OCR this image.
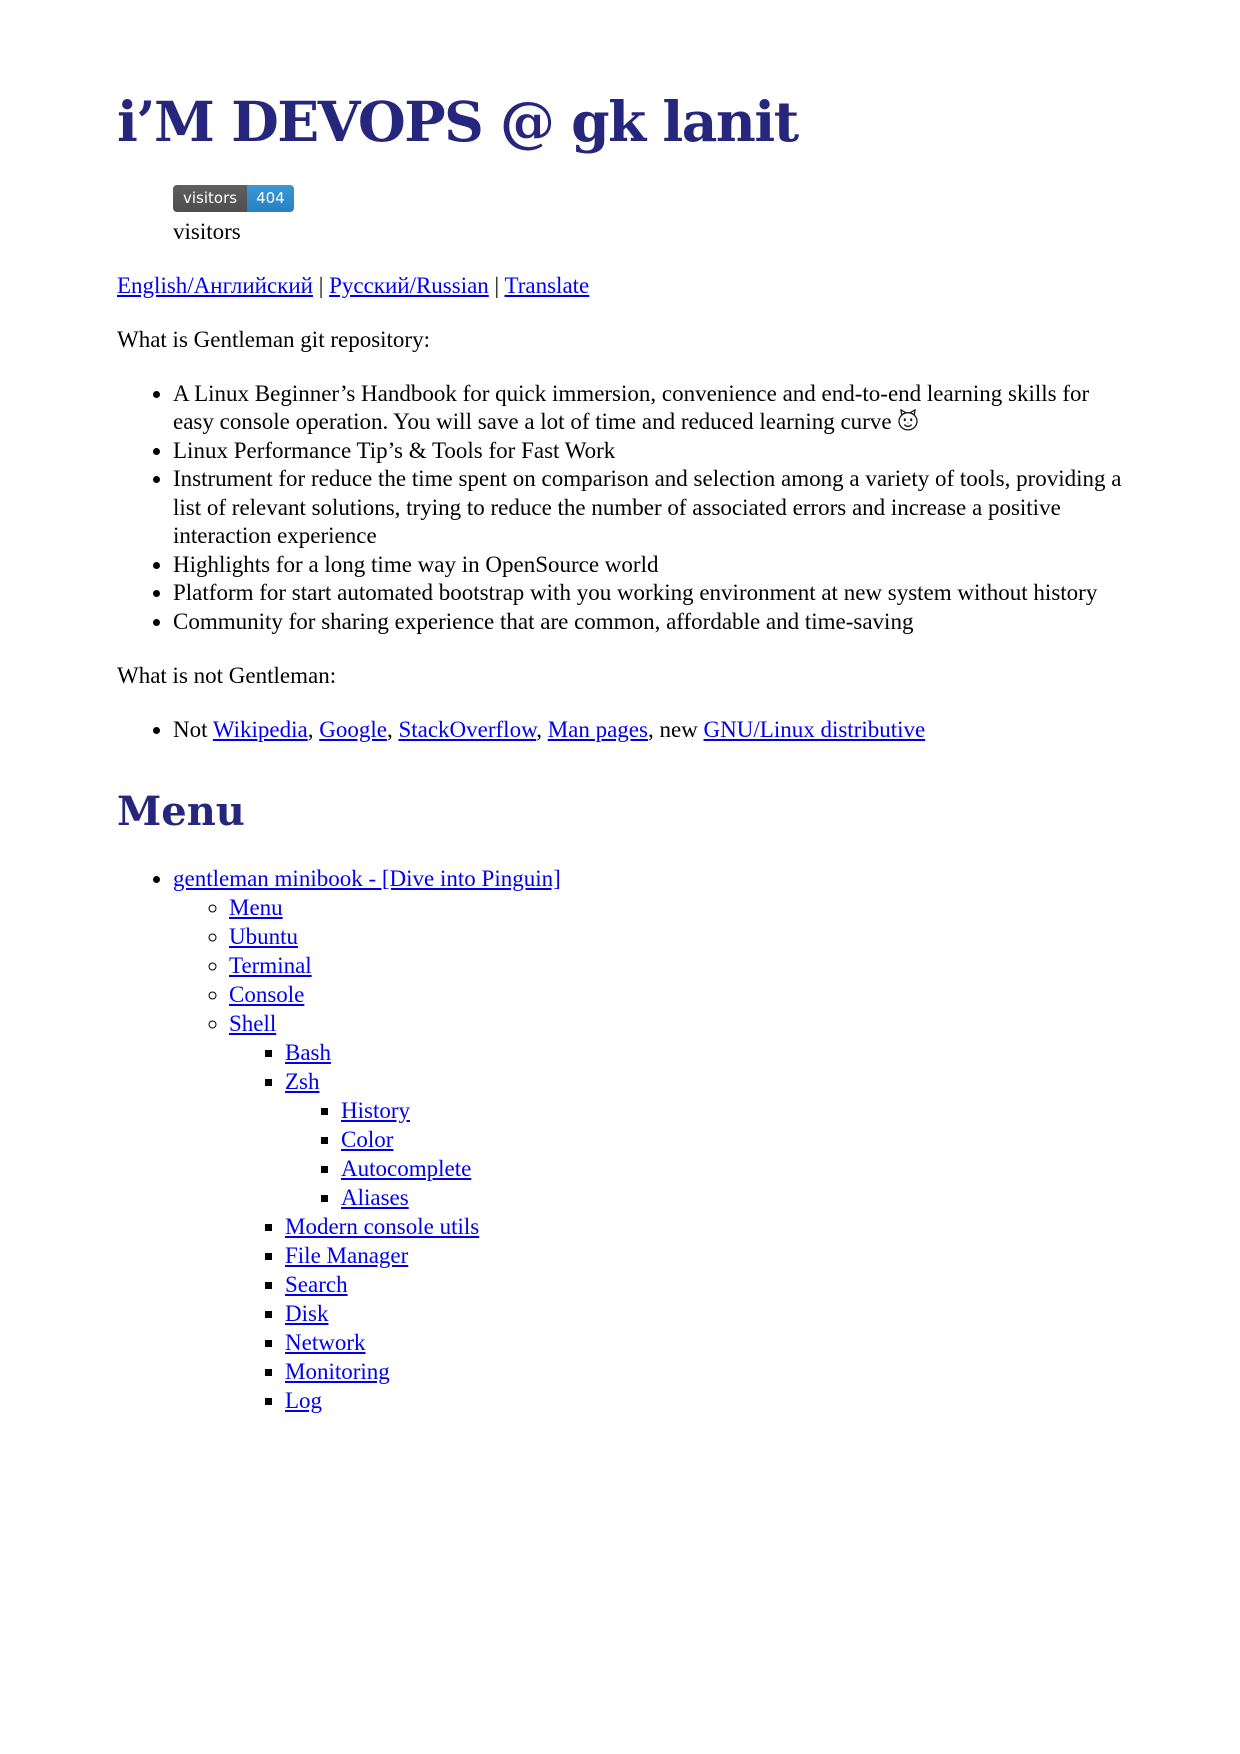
i’M DEVOPS @ gk lanit
visitors	404
visitors

English/Английский | Русский/Russian | Translate

What is Gentleman git repository:

• A Linux Beginner’s Handbook for quick immersion, convenience and end-to-end learning skills for easy console operation. You will save a lot of time and reduced learning curve
• Linux Performance Tip’s & Tools for Fast Work
• Instrument for reduce the time spent on comparison and selection among a variety of tools, providing a list of relevant solutions, trying to reduce the number of associated errors and increase a positive interaction experience
• Highlights for a long time way in OpenSource world
• Platform for start automated bootstrap with you working environment at new system without history
• Community for sharing experience that are common, affordable and time-saving

What is not Gentleman:

• Not Wikipedia, Google, StackOverflow, Man pages, new GNU/Linux distributive
Menu
• gentleman minibook - [Dive into Pinguin]
◦ Menu
◦ Ubuntu
◦ Terminal
◦ Console
◦ Shell
▪ Bash
▪ Zsh
▪ History
▪ Color
▪ Autocomplete
▪ Aliases
▪ Modern console utils
▪ File Manager
▪ Search
▪ Disk
▪ Network
▪ Monitoring
▪ Log
